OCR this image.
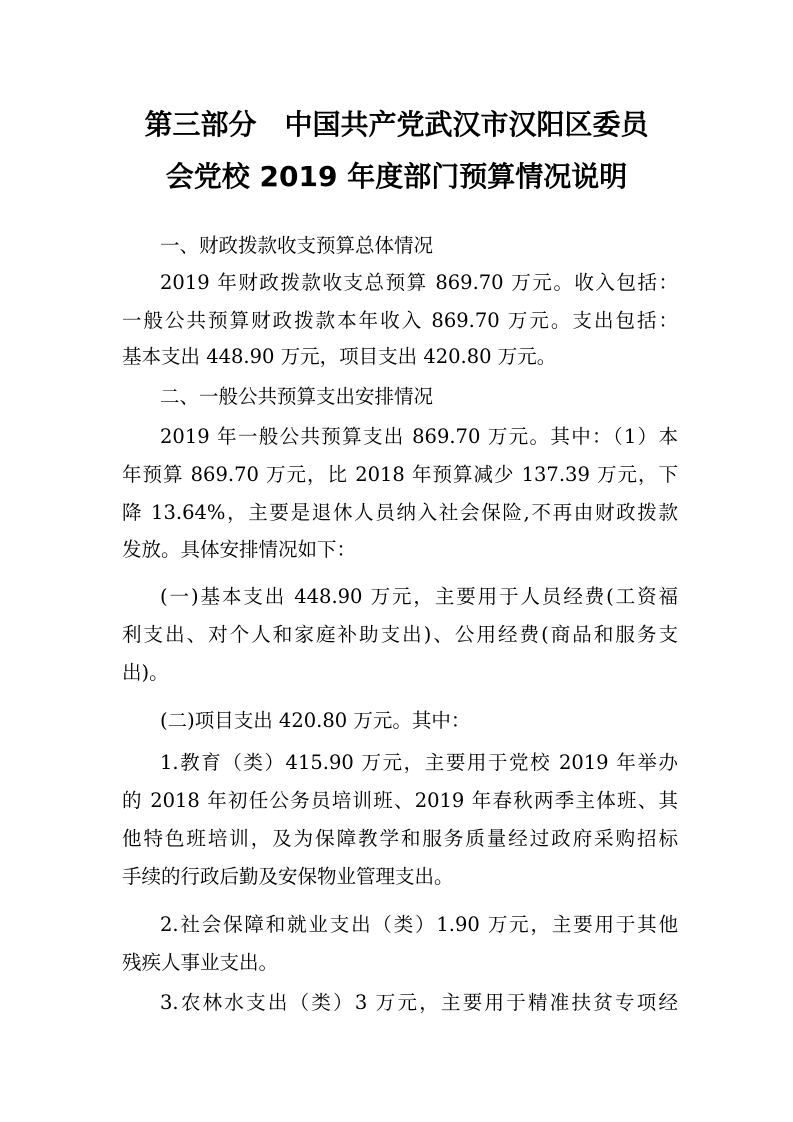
第三部分　中国共产党武汉市汉阳区委员
会党校 2019 年度部门预算情况说明
一、财政拨款收支预算总体情况
2019 年财政拨款收支总预算 869.70 万元。收入包括：
一般公共预算财政拨款本年收入 869.70 万元。支出包括：
基本支出 448.90 万元，项目支出 420.80 万元。
二、一般公共预算支出安排情况
2019 年一般公共预算支出 869.70 万元。其中：（1）本
年预算 869.70 万元，比 2018 年预算减少 137.39 万元，下
降 13.64%，主要是退休人员纳入社会保险,不再由财政拨款
发放。具体安排情况如下：
(一)基本支出 448.90 万元，主要用于人员经费(工资福
利支出、对个人和家庭补助支出)、公用经费(商品和服务支
出)。
(二)项目支出 420.80 万元。其中：
1.教育（类）415.90 万元，主要用于党校 2019 年举办
的 2018 年初任公务员培训班、2019 年春秋两季主体班、其
他特色班培训，及为保障教学和服务质量经过政府采购招标
手续的行政后勤及安保物业管理支出。
2.社会保障和就业支出（类）1.90 万元，主要用于其他
残疾人事业支出。
3.农林水支出（类）3 万元，主要用于精准扶贫专项经
